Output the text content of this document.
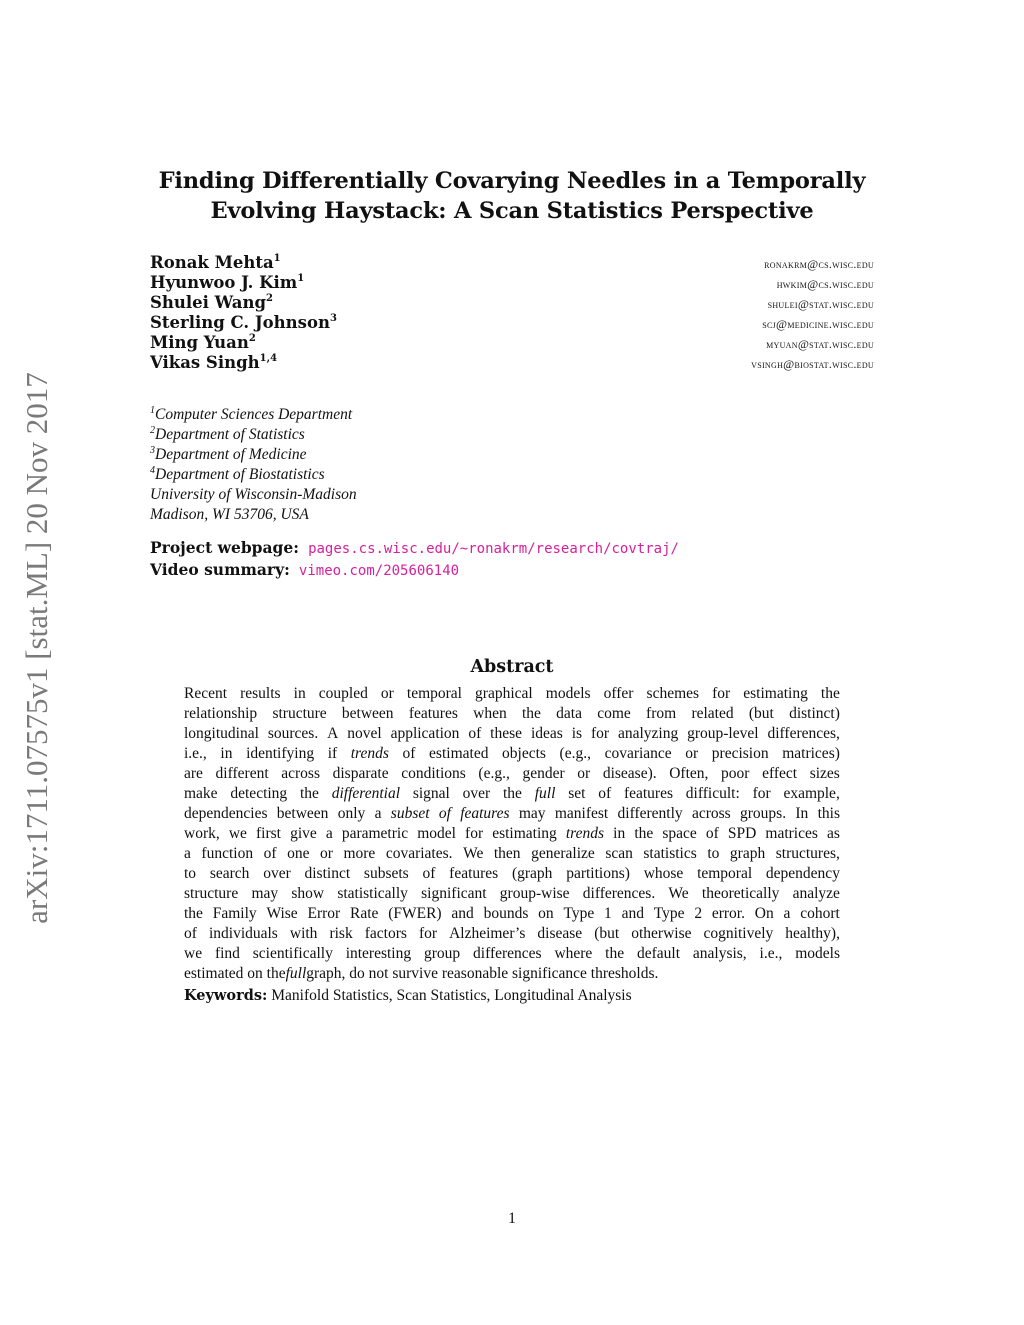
arXiv:1711.07575v1 [stat.ML] 20 Nov 2017
Finding Differentially Covarying Needles in a Temporally
Evolving Haystack: A Scan Statistics Perspective
Ronak Mehta$^1$	ronakrm@cs.wisc.edu
Hyunwoo J. Kim$^1$	hwkim@cs.wisc.edu
Shulei Wang$^2$	shulei@stat.wisc.edu
Sterling C. Johnson$^3$	scj@medicine.wisc.edu
Ming Yuan$^2$	myuan@stat.wisc.edu
Vikas Singh$^{1,4}$	vsingh@biostat.wisc.edu
$^1$Computer Sciences Department
$^2$Department of Statistics
$^3$Department of Medicine
$^4$Department of Biostatistics
University of Wisconsin-Madison
Madison, WI 53706, USA
Project webpage: pages.cs.wisc.edu/~ronakrm/research/covtraj/
Video summary: vimeo.com/205606140
Abstract
Recent results in coupled or temporal graphical models offer schemes for estimating the
relationship structure between features when the data come from related (but distinct)
longitudinal sources. A novel application of these ideas is for analyzing group-level differences,
i.e., in identifying if trends of estimated objects (e.g., covariance or precision matrices)
are different across disparate conditions (e.g., gender or disease). Often, poor effect sizes
make detecting the differential signal over the full set of features difficult: for example,
dependencies between only a subset of features may manifest differently across groups. In this
work, we first give a parametric model for estimating trends in the space of SPD matrices as
a function of one or more covariates. We then generalize scan statistics to graph structures,
to search over distinct subsets of features (graph partitions) whose temporal dependency
structure may show statistically significant group-wise differences. We theoretically analyze
the Family Wise Error Rate (FWER) and bounds on Type 1 and Type 2 error. On a cohort
of individuals with risk factors for Alzheimer’s disease (but otherwise cognitively healthy),
we find scientifically interesting group differences where the default analysis, i.e., models
estimated on the full graph, do not survive reasonable significance thresholds.
Keywords: Manifold Statistics, Scan Statistics, Longitudinal Analysis
1
